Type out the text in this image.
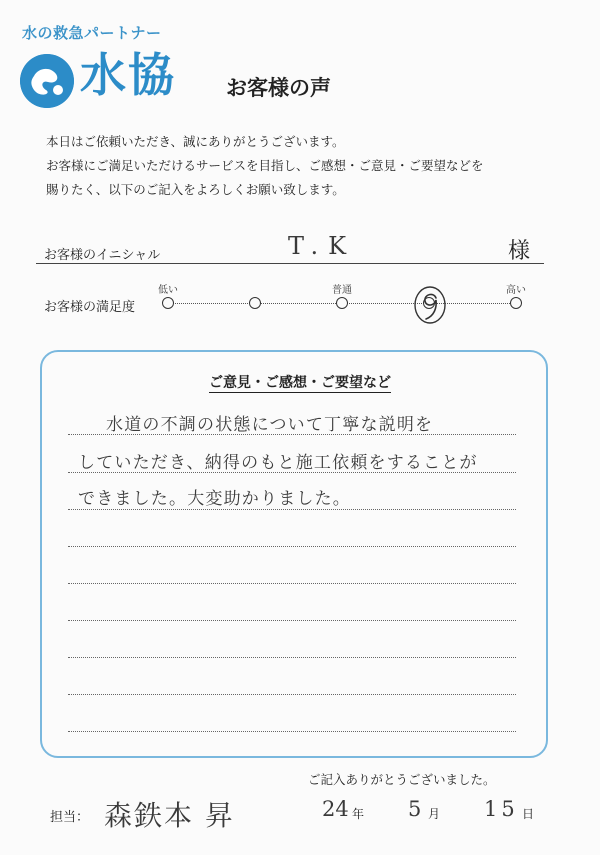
水の救急パートナー
水協 お客様の声

本日はご依頼いただき、誠にありがとうございます。

お客様にご満足いただけるサービスを目指し、ご感想・ご意見・ご要望などを

賜りたく、以下のご記入をよろしくお願い致します。

お客様のイニシャル	T.K	様
低い	普通	高い
お客様の満足度
ご意見・ご感想・ご要望など
水道の不調の状態について丁寧な説明を
していただき、納得のもと施工依頼をすることが
できました。大変助かりました。
ご記入ありがとうございました。
担当： 森鉄本 昇	24 年 5 月 15 日
